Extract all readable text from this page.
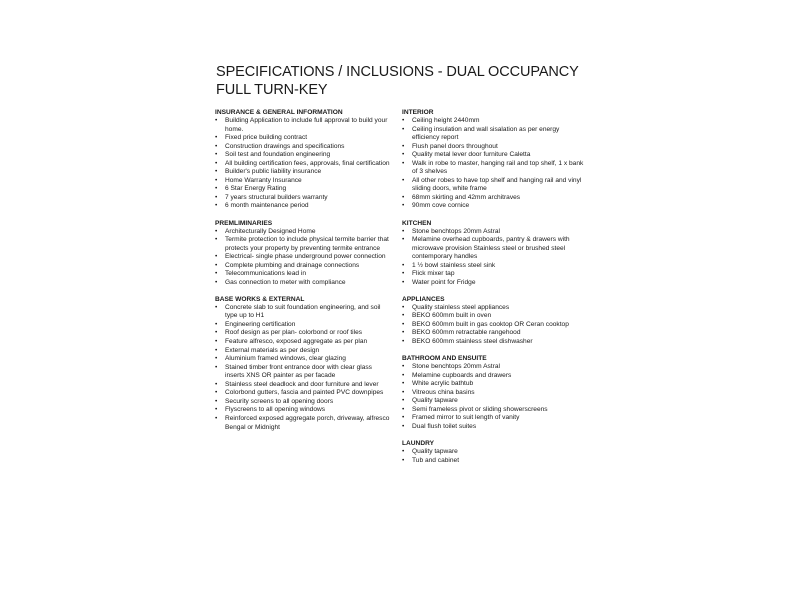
SPECIFICATIONS / INCLUSIONS - DUAL OCCUPANCY
FULL TURN-KEY
INSURANCE & GENERAL INFORMATION
• Building Application to include full approval to build your home.
• Fixed price building contract
• Construction drawings and specifications
• Soil test and foundation engineering
• All building certification fees, approvals, final certification
• Builder's public liability insurance
• Home Warranty Insurance
• 6 Star Energy Rating
• 7 years structural builders warranty
• 6 month maintenance period
PREMLIMINARIES
• Architecturally Designed Home
• Termite protection to include physical termite barrier that protects your property by preventing termite entrance
• Electrical- single phase underground power connection
• Complete plumbing and drainage connections
• Telecommunications lead in
• Gas connection to meter with compliance
BASE WORKS & EXTERNAL
• Concrete slab to suit foundation engineering, and soil type up to H1
• Engineering certification
• Roof design as per plan- colorbond or roof tiles
• Feature alfresco, exposed aggregate as per plan
• External materials as per design
• Aluminium framed windows, clear glazing
• Stained timber front entrance door with clear glass inserts XNS OR painter as per facade
• Stainless steel deadlock and door furniture and lever
• Colorbond gutters, fascia and painted PVC downpipes
• Security screens to all opening doors
• Flyscreens to all opening windows
• Reinforced exposed aggregate porch, driveway, alfresco Bengal or Midnight
INTERIOR
• Ceiling height 2440mm
• Ceiling insulation and wall sisalation as per energy efficiency report
• Flush panel doors throughout
• Quality metal lever door furniture Caletta
• Walk in robe to master, hanging rail and top shelf, 1 x bank of 3 shelves
• All other robes to have top shelf and hanging rail and vinyl sliding doors, white frame
• 68mm skirting and 42mm architraves
• 90mm cove cornice
KITCHEN
• Stone benchtops 20mm Astral
• Melamine overhead cupboards, pantry & drawers with microwave provision Stainless steel or brushed steel contemporary handles
• 1 ½ bowl stainless steel sink
• Flick mixer tap
• Water point for Fridge
APPLIANCES
• Quality stainless steel appliances
• BEKO 600mm built in oven
• BEKO 600mm built in gas cooktop OR Ceran cooktop
• BEKO 600mm retractable rangehood
• BEKO 600mm stainless steel dishwasher
BATHROOM AND ENSUITE
• Stone benchtops 20mm Astral
• Melamine cupboards and drawers
• White acrylic bathtub
• Vitreous china basins
• Quality tapware
• Semi frameless pivot or sliding showerscreens
• Framed mirror to suit length of vanity
• Dual flush toilet suites
LAUNDRY
• Quality tapware
• Tub and cabinet
